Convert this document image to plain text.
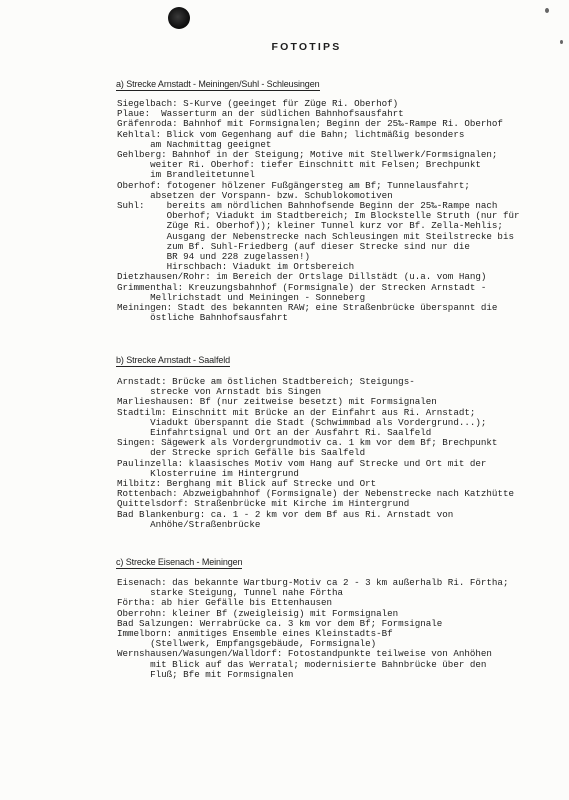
FOTOTIPS
a) Strecke Arnstadt - Meiningen/Suhl - Schleusingen
Siegelbach: S-Kurve (geeinget für Züge Ri. Oberhof)
Plaue:  Wasserturm an der südlichen Bahnhofsausfahrt
Gräfenroda: Bahnhof mit Formsignalen; Beginn der 25‰-Rampe Ri. Oberhof
Kehltal: Blick vom Gegenhang auf die Bahn; lichtmäßig besonders
am Nachmittag geeignet
Gehlberg: Bahnhof in der Steigung; Motive mit Stellwerk/Formsignalen;
weiter Ri. Oberhof: tiefer Einschnitt mit Felsen; Brechpunkt
im Brandleitetunnel
Oberhof: fotogener hölzener Fußgängersteg am Bf; Tunnelausfahrt;
absetzen der Vorspann- bzw. Schublokomotiven
Suhl:    bereits am nördlichen Bahnhofsende Beginn der 25‰-Rampe nach
Oberhof; Viadukt im Stadtbereich; Im Blockstelle Struth (nur für
Züge Ri. Oberhof)); kleiner Tunnel kurz vor Bf. Zella-Mehlis;
Ausgang der Nebenstrecke nach Schleusingen mit Steilstrecke bis
zum Bf. Suhl-Friedberg (auf dieser Strecke sind nur die
BR 94 und 228 zugelassen!)
Hirschbach: Viadukt im Ortsbereich
Dietzhausen/Rohr: im Bereich der Ortslage Dillstädt (u.a. vom Hang)
Grimmenthal: Kreuzungsbahnhof (Formsignale) der Strecken Arnstadt -
Mellrichstadt und Meiningen - Sonneberg
Meiningen: Stadt des bekannten RAW; eine Straßenbrücke überspannt die
östliche Bahnhofsausfahrt
b) Strecke Arnstadt - Saalfeld
Arnstadt: Brücke am östlichen Stadtbereich; Steigungs-
strecke von Arnstadt bis Singen
Marlieshausen: Bf (nur zeitweise besetzt) mit Formsignalen
Stadtilm: Einschnitt mit Brücke an der Einfahrt aus Ri. Arnstadt;
Viadukt überspannt die Stadt (Schwimmbad als Vordergrund...);
Einfahrtsignal und Ort an der Ausfahrt Ri. Saalfeld
Singen: Sägewerk als Vordergrundmotiv ca. 1 km vor dem Bf; Brechpunkt
der Strecke sprich Gefälle bis Saalfeld
Paulinzella: klaasisches Motiv vom Hang auf Strecke und Ort mit der
Klosterruine im Hintergrund
Milbitz: Berghang mit Blick auf Strecke und Ort
Rottenbach: Abzweigbahnhof (Formsignale) der Nebenstrecke nach Katzhütte
Quittelsdorf: Straßenbrücke mit Kirche im Hintergrund
Bad Blankenburg: ca. 1 - 2 km vor dem Bf aus Ri. Arnstadt von
Anhöhe/Straßenbrücke
c) Strecke Eisenach - Meiningen
Eisenach: das bekannte Wartburg-Motiv ca 2 - 3 km außerhalb Ri. Förtha;
starke Steigung, Tunnel nahe Förtha
Förtha: ab hier Gefälle bis Ettenhausen
Oberrohn: kleiner Bf (zweigleisig) mit Formsignalen
Bad Salzungen: Werrabrücke ca. 3 km vor dem Bf; Formsignale
Immelborn: anmitiges Ensemble eines Kleinstadts-Bf
(Stellwerk, Empfangsgebäude, Formsignale)
Wernshausen/Wasungen/Walldorf: Fotostandpunkte teilweise von Anhöhen
mit Blick auf das Werratal; modernisierte Bahnbrücke über den
Fluß; Bfe mit Formsignalen
